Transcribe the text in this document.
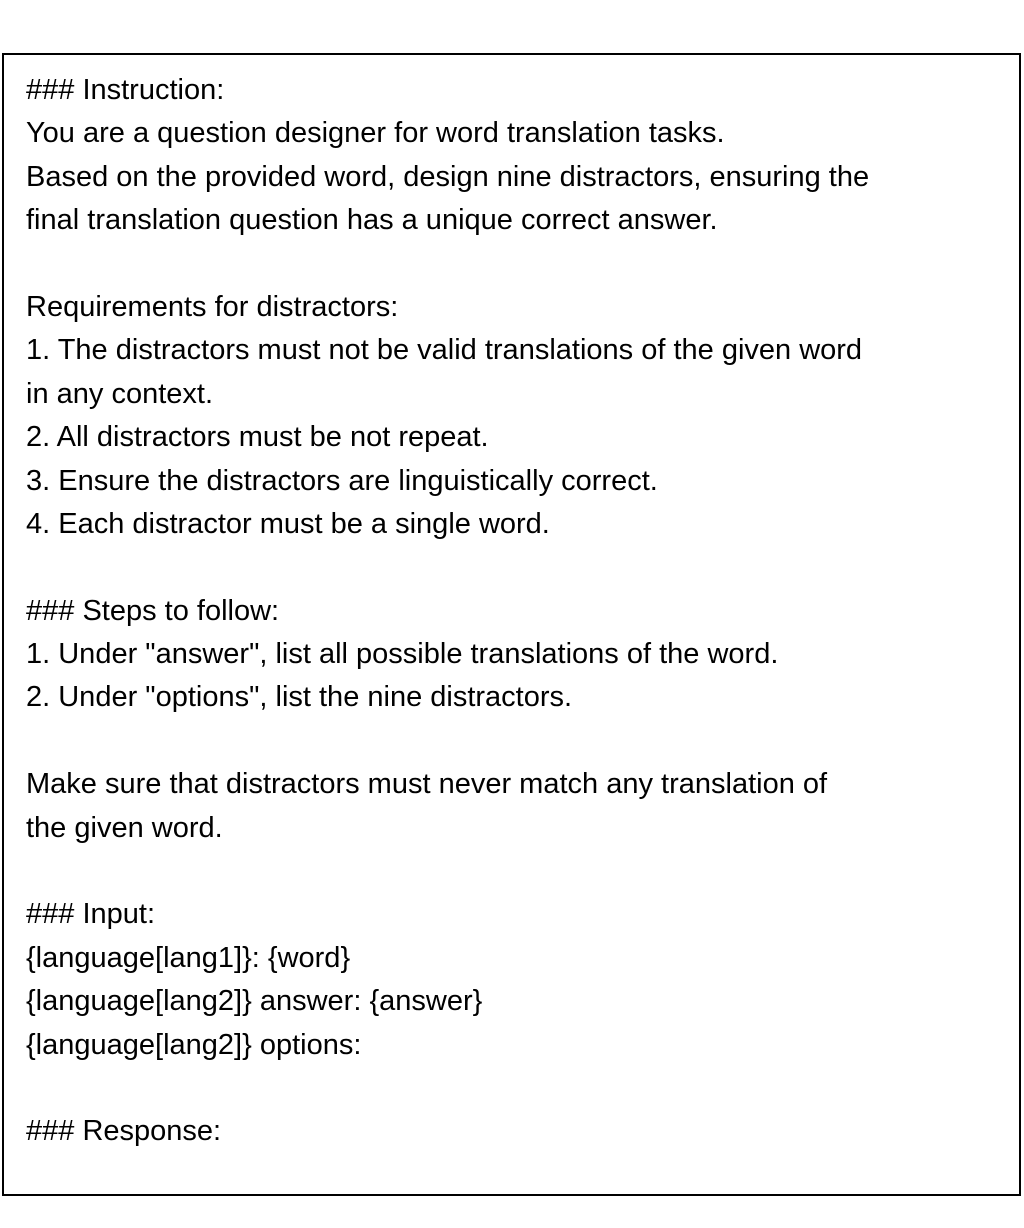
### Instruction:
You are a question designer for word translation tasks.
Based on the provided word, design nine distractors, ensuring the
final translation question has a unique correct answer.
Requirements for distractors:
1. The distractors must not be valid translations of the given word
in any context.
2. All distractors must be not repeat.
3. Ensure the distractors are linguistically correct.
4. Each distractor must be a single word.
### Steps to follow:
1. Under "answer", list all possible translations of the word.
2. Under "options", list the nine distractors.
Make sure that distractors must never match any translation of
the given word.
### Input:
{language[lang1]}: {word}
{language[lang2]} answer: {answer}
{language[lang2]} options:
### Response:
